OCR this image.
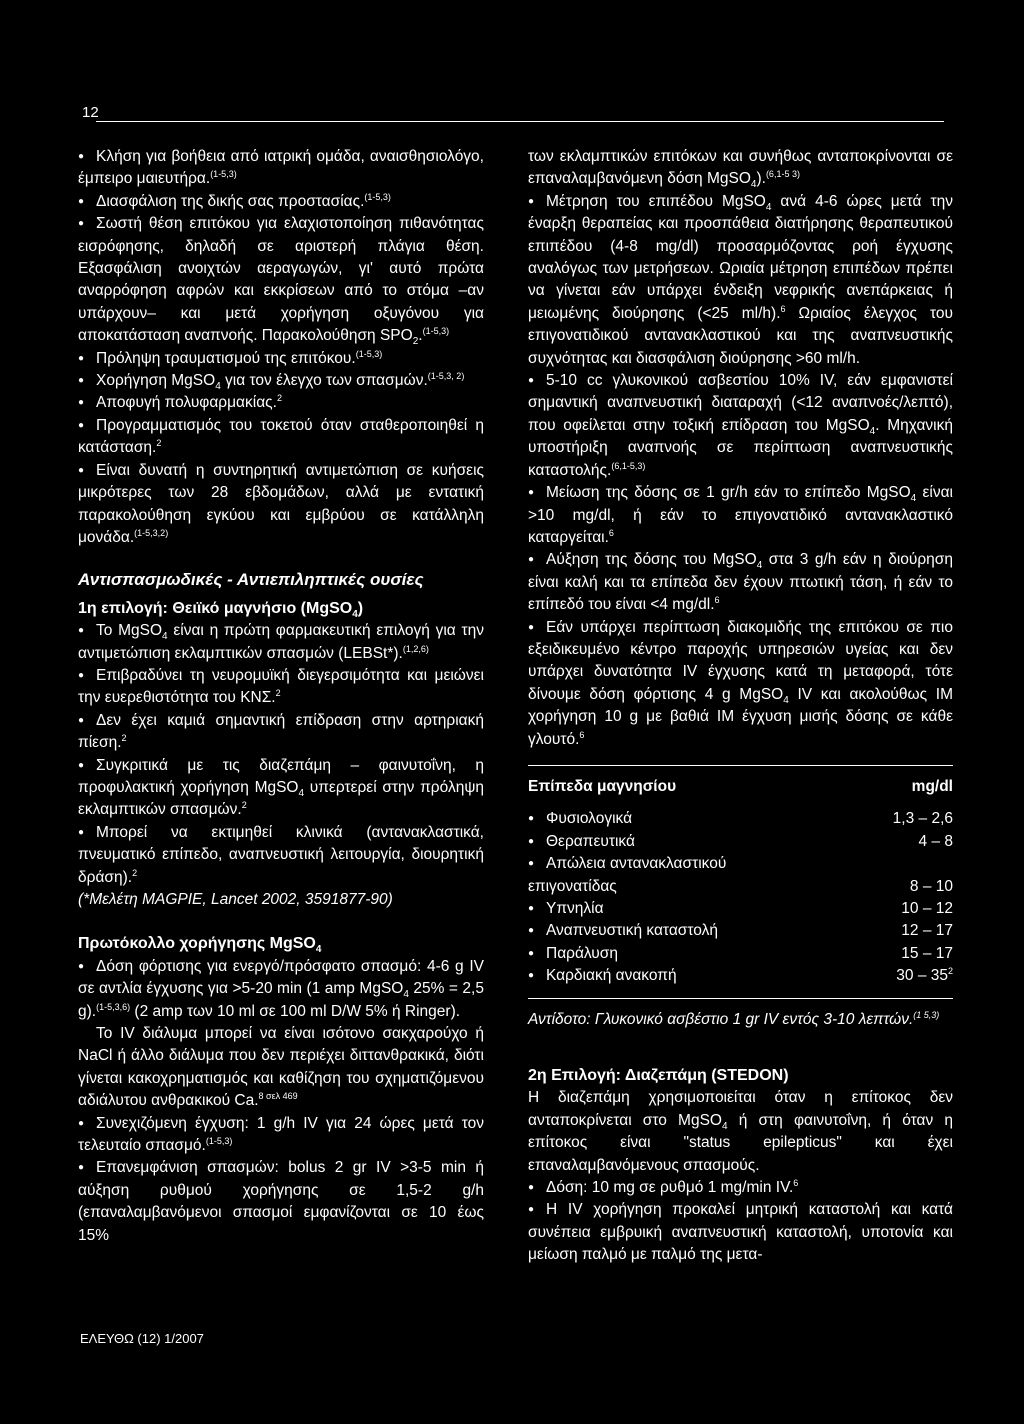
12

● Κλήση για βοήθεια από ιατρική ομάδα, αναισθησιολόγο, έμπειρο μαιευτήρα.$^{(1-5,3)}$

● Διασφάλιση της δικής σας προστασίας.$^{(1-5,3)}$

● Σωστή θέση επιτόκου για ελαχιστοποίηση πιθανότητας εισρόφησης, δηλαδή σε αριστερή πλάγια θέση. Εξασφάλιση ανοιχτών αεραγωγών, γι' αυτό πρώτα αναρρόφηση αφρών και εκκρίσεων από το στόμα –αν υπάρχουν– και μετά χορήγηση οξυγόνου για αποκατάσταση αναπνοής. Παρακολούθηση $SPO_2.^{(1-5,3)}$

● Πρόληψη τραυματισμού της επιτόκου.$^{(1-5,3)}$

● Χορήγηση MgSO$_4$ για τον έλεγχο των σπασμών.$^{(1-5,3, 2)}$

● Αποφυγή πολυφαρμακίας.$^2$

● Προγραμματισμός του τοκετού όταν σταθεροποιηθεί η κατάσταση.$^2$

● Είναι δυνατή η συντηρητική αντιμετώπιση σε κυήσεις μικρότερες των 28 εβδομάδων, αλλά με εντατική παρακολούθηση εγκύου και εμβρύου σε κατάλληλη μονάδα.$^{(1-5,3,2)}$

Αντισπασμωδικές - Αντιεπιληπτικές ουσίες
1η επιλογή: Θειϊκό μαγνήσιο (MgSO$_4$)

● Το MgSO$_4$ είναι η πρώτη φαρμακευτική επιλογή για την αντιμετώπιση εκλαμπτικών σπασμών (LEBSt*).$^{(1,2,6)}$

● Επιβραδύνει τη νευρομυϊκή διεγερσιμότητα και μειώνει την ευερεθιστότητα του ΚΝΣ.$^2$

● Δεν έχει καμιά σημαντική επίδραση στην αρτηριακή πίεση.$^2$

● Συγκριτικά με τις διαζεπάμη – φαινυτοΐνη, η προφυλακτική χορήγηση MgSO$_4$ υπερτερεί στην πρόληψη εκλαμπτικών σπασμών.$^2$

● Μπορεί να εκτιμηθεί κλινικά (αντανακλαστικά, πνευματικό επίπεδο, αναπνευστική λειτουργία, διουρητική δράση).$^2$

(*Μελέτη MAGPIE, Lancet 2002, 3591877-90)

Πρωτόκολλο χορήγησης MgSO$_4$

● Δόση φόρτισης για ενεργό/πρόσφατο σπασμό: 4-6 g IV σε αντλία έγχυσης για >5-20 min (1 amp MgSO$_4$ 25% = 2,5 g).$^{(1-5,3,6)}$ (2 amp των 10 ml σε 100 ml D/W 5% ή Ringer).

Το IV διάλυμα μπορεί να είναι ισότονο σακχαρούχο ή NaCl ή άλλο διάλυμα που δεν περιέχει διττανθρακικά, διότι γίνεται κακοχρηματισμός και καθίζηση του σχηματιζόμενου αδιάλυτου ανθρακικού Ca.$^{8 \sigma\varepsilon\lambda 469}$

● Συνεχιζόμενη έγχυση: 1 g/h IV για 24 ώρες μετά τον τελευταίο σπασμό.$^{(1-5,3)}$

● Επανεμφάνιση σπασμών: bolus 2 gr IV >3-5 min ή αύξηση ρυθμού χορήγησης σε 1,5-2 g/h (επαναλαμβανόμενοι σπασμοί εμφανίζονται σε 10 έως 15%

των εκλαμπτικών επιτόκων και συνήθως ανταποκρίνονται σε επαναλαμβανόμενη δόση MgSO$_4$).$^{(6,1-5 3)}$

● Μέτρηση του επιπέδου MgSO$_4$ ανά 4-6 ώρες μετά την έναρξη θεραπείας και προσπάθεια διατήρησης θεραπευτικού επιπέδου (4-8 mg/dl) προσαρμόζοντας ροή έγχυσης αναλόγως των μετρήσεων. Ωριαία μέτρηση επιπέδων πρέπει να γίνεται εάν υπάρχει ένδειξη νεφρικής ανεπάρκειας ή μειωμένης διούρησης (<25 ml/h).$^6$ Ωριαίος έλεγχος του επιγονατιδικού αντανακλαστικού και της αναπνευστικής συχνότητας και διασφάλιση διούρησης >60 ml/h.

● 5-10 cc γλυκονικού ασβεστίου 10% IV, εάν εμφανιστεί σημαντική αναπνευστική διαταραχή (<12 αναπνοές/λεπτό), που οφείλεται στην τοξική επίδραση του MgSO$_4$. Μηχανική υποστήριξη αναπνοής σε περίπτωση αναπνευστικής καταστολής.$^{(6,1-5,3)}$

● Μείωση της δόσης σε 1 gr/h εάν το επίπεδο MgSO$_4$ είναι >10 mg/dl, ή εάν το επιγονατιδικό αντανακλαστικό καταργείται.$^6$

● Αύξηση της δόσης του MgSO$_4$ στα 3 g/h εάν η διούρηση είναι καλή και τα επίπεδα δεν έχουν πτωτική τάση, ή εάν το επίπεδό του είναι <4 mg/dl.$^6$

● Εάν υπάρχει περίπτωση διακομιδής της επιτόκου σε πιο εξειδικευμένο κέντρο παροχής υπηρεσιών υγείας και δεν υπάρχει δυνατότητα IV έγχυσης κατά τη μεταφορά, τότε δίνουμε δόση φόρτισης 4 g MgSO$_4$ IV και ακολούθως IM χορήγηση 10 g με βαθιά IM έγχυση μισής δόσης σε κάθε γλουτό.$^6$

Επίπεδα μαγνησίου	mg/dl
● Φυσιολογικά	1,3 – 2,6
● Θεραπευτικά	4 – 8
● Απώλεια αντανακλαστικού επιγονατίδας	8 – 10
● Υπνηλία	10 – 12
● Αναπνευστική καταστολή	12 – 17
● Παράλυση	15 – 17
● Καρδιακή ανακοπή	$30 - 35^2$

Αντίδοτο: Γλυκονικό ασβέστιο 1 gr IV εντός 3-10 λεπτών.$^{(1 5,3)}$

2η Επιλογή: Διαζεπάμη (STEDON)

Η διαζεπάμη χρησιμοποιείται όταν η επίτοκος δεν ανταποκρίνεται στο MgSO$_4$ ή στη φαινυτοΐνη, ή όταν η επίτοκος είναι "status epilepticus" και έχει επαναλαμβανόμενους σπασμούς.

● Δόση: 10 mg σε ρυθμό 1 mg/min IV.$^6$

● Η IV χορήγηση προκαλεί μητρική καταστολή και κατά συνέπεια εμβρυική αναπνευστική καταστολή, υποτονία και μείωση παλμό με παλμό της μετα-

ΕΛΕΥΘΩ (12) 1/2007
